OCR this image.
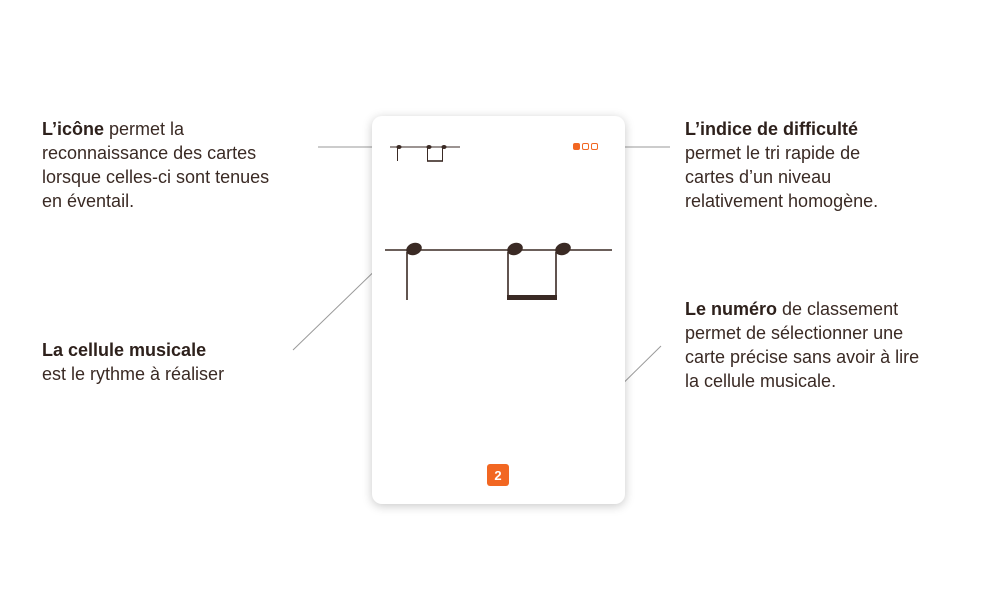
L’icône permet la
reconnaissance des cartes
lorsque celles-ci sont tenues
en éventail.
La cellule musicale
est le rythme à réaliser
L’indice de difficulté
permet le tri rapide de
cartes d’un niveau
relativement homogène.
Le numéro de classement
permet de sélectionner une
carte précise sans avoir à lire
la cellule musicale.
2
